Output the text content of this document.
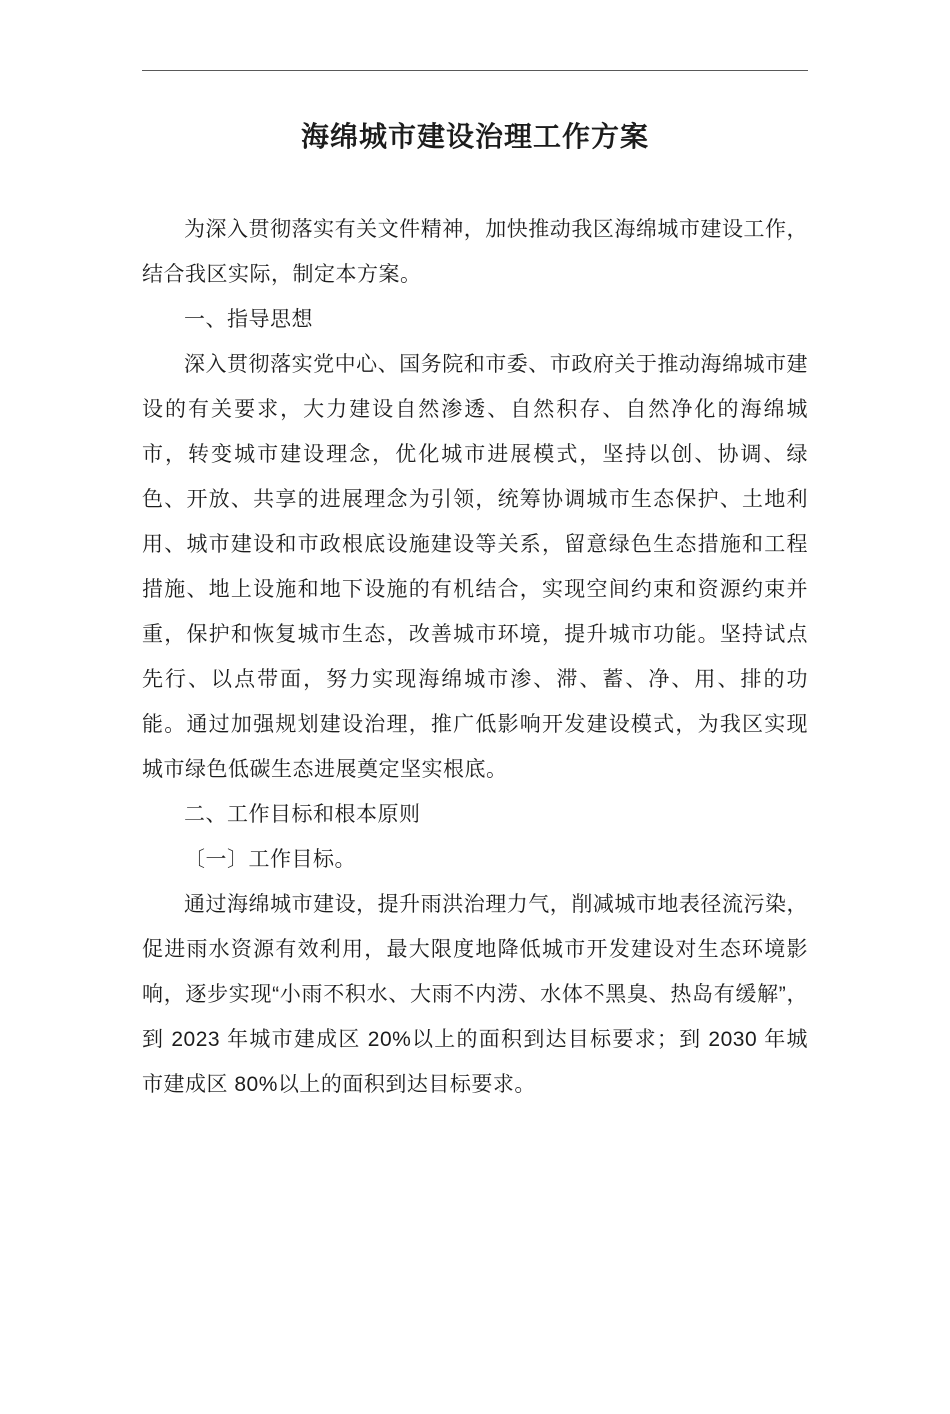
海绵城市建设治理工作方案

为深入贯彻落实有关文件精神，加快推动我区海绵城市建设工作，结合我区实际，制定本方案。

一、指导思想

深入贯彻落实党中心、国务院和市委、市政府关于推动海绵城市建设的有关要求，大力建设自然渗透、自然积存、自然净化的海绵城市，转变城市建设理念，优化城市进展模式，坚持以创、协调、绿色、开放、共享的进展理念为引领，统筹协调城市生态保护、土地利用、城市建设和市政根底设施建设等关系，留意绿色生态措施和工程措施、地上设施和地下设施的有机结合，实现空间约束和资源约束并重，保护和恢复城市生态，改善城市环境，提升城市功能。坚持试点先行、以点带面，努力实现海绵城市渗、滞、蓄、净、用、排的功能。通过加强规划建设治理，推广低影响开发建设模式，为我区实现城市绿色低碳生态进展奠定坚实根底。

二、工作目标和根本原则

〔一〕工作目标。

通过海绵城市建设，提升雨洪治理力气，削减城市地表径流污染，促进雨水资源有效利用，最大限度地降低城市开发建设对生态环境影响，逐步实现“小雨不积水、大雨不内涝、水体不黑臭、热岛有缓解”，到 2023 年城市建成区 20%以上的面积到达目标要求；到 2030 年城市建成区 80%以上的面积到达目标要求。
